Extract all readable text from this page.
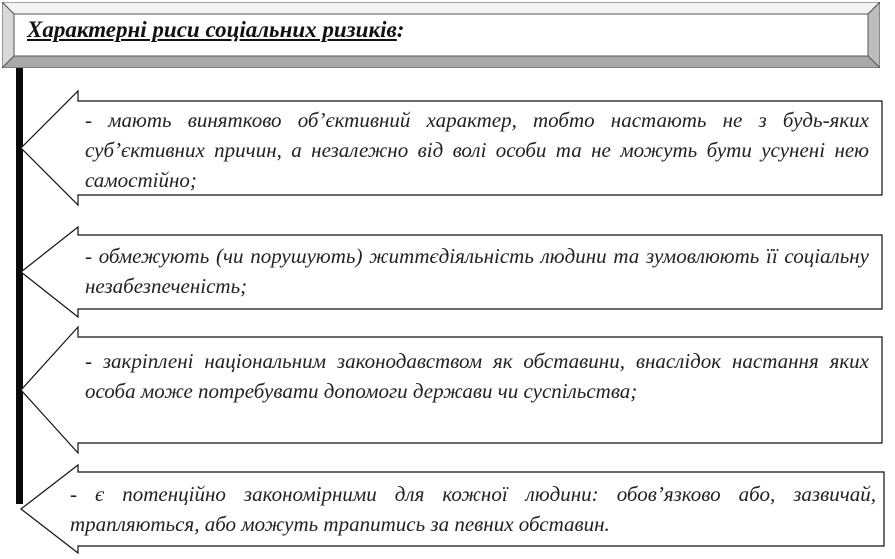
Характерні риси соціальних ризиків:
- мають винятково об’єктивний характер, тобто настають не з будь-яких суб’єктивних причин, а незалежно від волі особи та не можуть бути усунені нею самостійно;
- обмежують (чи порушують) життєдіяльність людини та зумовлюють її соціальну незабезпеченість;
- закріплені національним законодавством як обставини, внаслідок настання яких особа може потребувати допомоги держави чи суспільства;
- є потенційно закономірними для кожної людини: обов’язково або, зазвичай, трапляються, або можуть трапитись за певних обставин.
